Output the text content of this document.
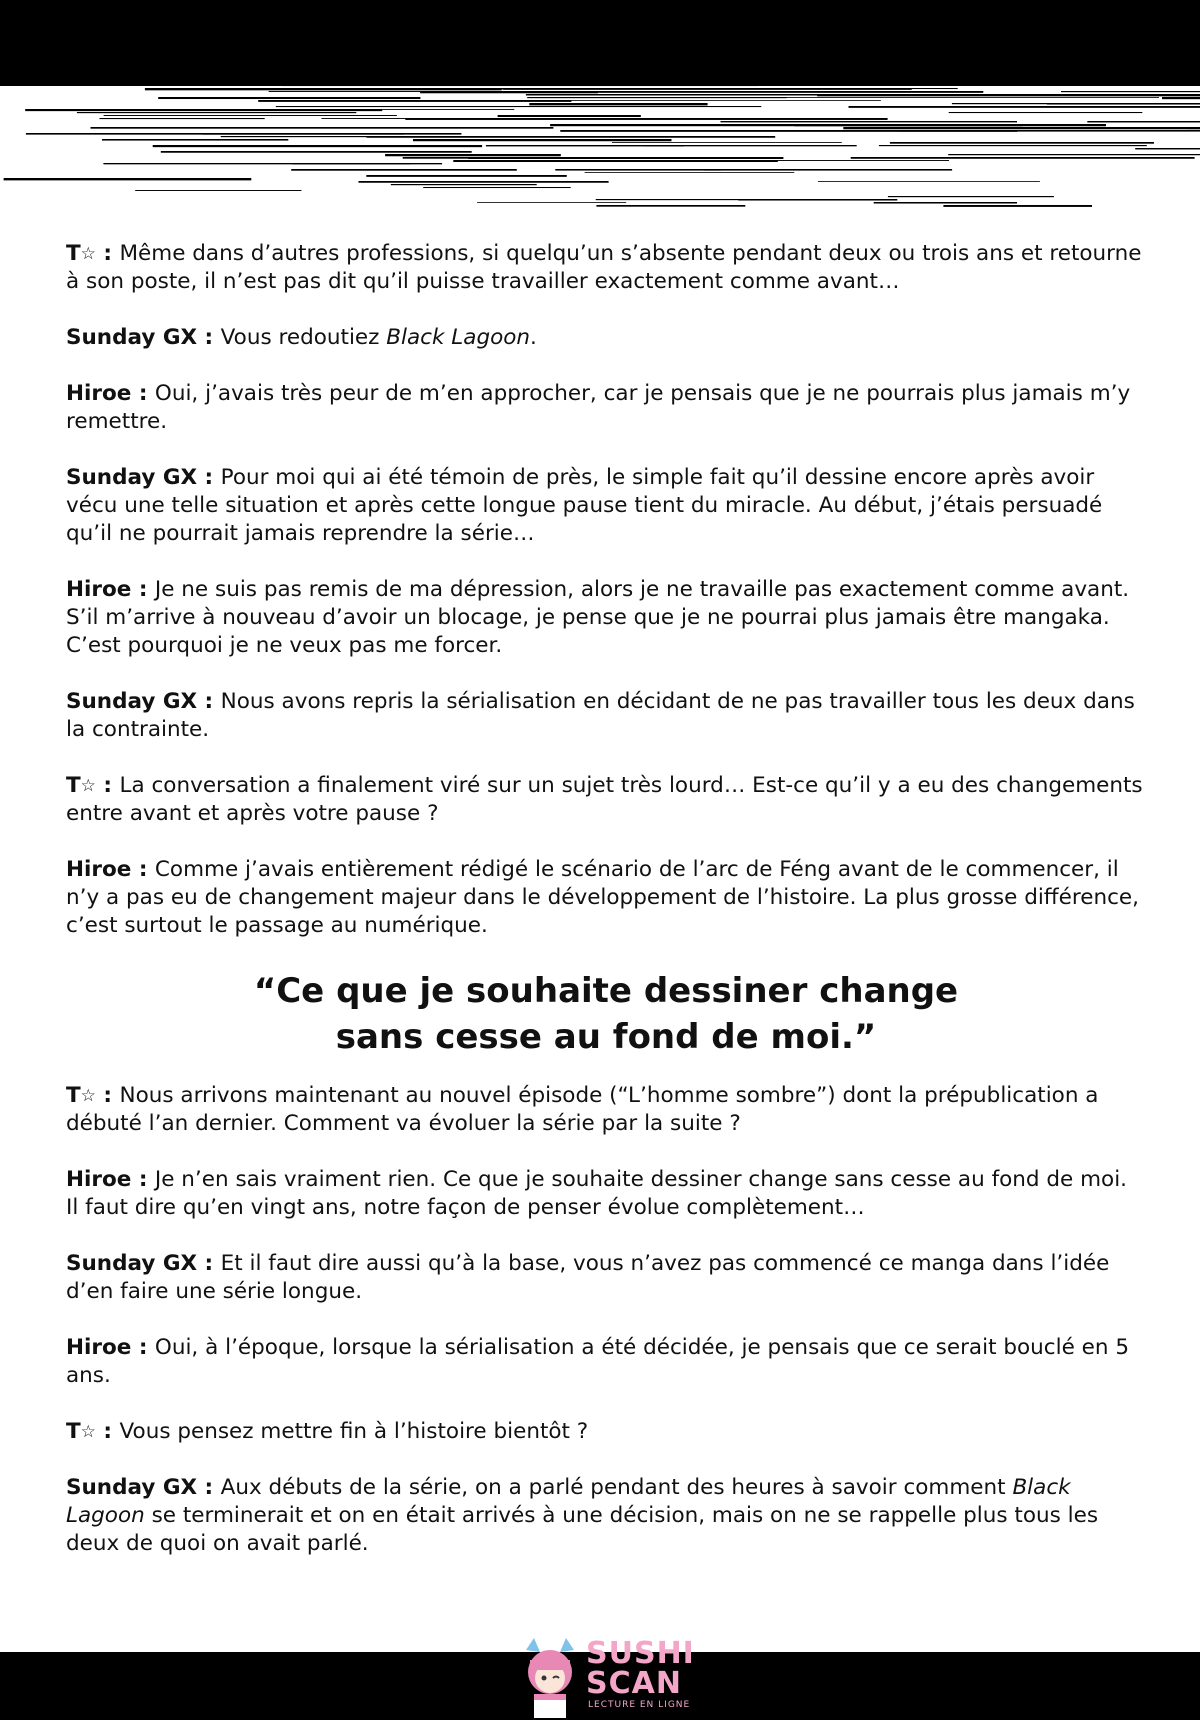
T☆ : Même dans d’autres professions, si quelqu’un s’absente pendant deux ou trois ans et retourne à son poste, il n’est pas dit qu’il puisse travailler exactement comme avant…
Sunday GX : Vous redoutiez Black Lagoon.
Hiroe : Oui, j’avais très peur de m’en approcher, car je pensais que je ne pourrais plus jamais m’y remettre.
Sunday GX : Pour moi qui ai été témoin de près, le simple fait qu’il dessine encore après avoir vécu une telle situation et après cette longue pause tient du miracle. Au début, j’étais persuadé qu’il ne pourrait jamais reprendre la série…
Hiroe : Je ne suis pas remis de ma dépression, alors je ne travaille pas exactement comme avant. S’il m’arrive à nouveau d’avoir un blocage, je pense que je ne pourrai plus jamais être mangaka. C’est pourquoi je ne veux pas me forcer.
Sunday GX : Nous avons repris la sérialisation en décidant de ne pas travailler tous les deux dans la contrainte.
T☆ : La conversation a finalement viré sur un sujet très lourd… Est-ce qu’il y a eu des changements entre avant et après votre pause ?
Hiroe : Comme j’avais entièrement rédigé le scénario de l’arc de Féng avant de le commencer, il n’y a pas eu de changement majeur dans le développement de l’histoire. La plus grosse différence, c’est surtout le passage au numérique.
“Ce que je souhaite dessiner change
sans cesse au fond de moi.”
T☆ : Nous arrivons maintenant au nouvel épisode (“L’homme sombre”) dont la prépublication a débuté l’an dernier. Comment va évoluer la série par la suite ?
Hiroe : Je n’en sais vraiment rien. Ce que je souhaite dessiner change sans cesse au fond de moi. Il faut dire qu’en vingt ans, notre façon de penser évolue complètement…
Sunday GX : Et il faut dire aussi qu’à la base, vous n’avez pas commencé ce manga dans l’idée d’en faire une série longue.
Hiroe : Oui, à l’époque, lorsque la sérialisation a été décidée, je pensais que ce serait bouclé en 5 ans.
T☆ : Vous pensez mettre fin à l’histoire bientôt ?
Sunday GX : Aux débuts de la série, on a parlé pendant des heures à savoir comment Black Lagoon se terminerait et on en était arrivés à une décision, mais on ne se rappelle plus tous les deux de quoi on avait parlé.
SUSHI
SCAN
LECTURE EN LIGNE
